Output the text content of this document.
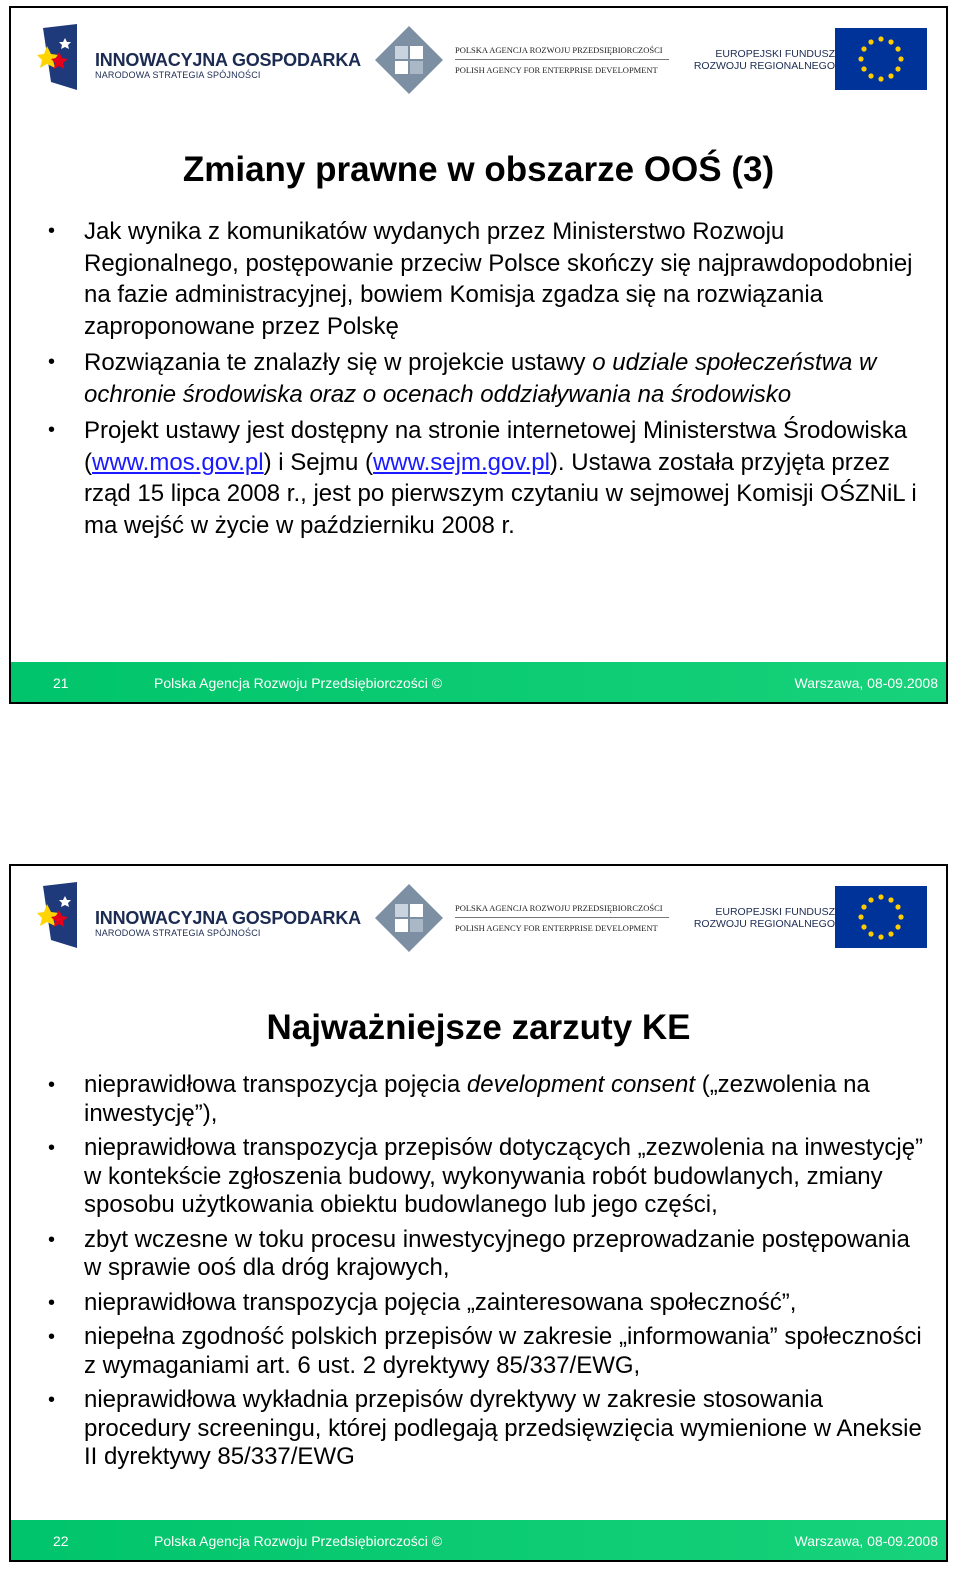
INNOWACYJNA GOSPODARKA
NARODOWA STRATEGIA SPÓJNOŚCI
POLSKA AGENCJA ROZWOJU PRZEDSIĘBIORCZOŚCI
POLISH AGENCY FOR ENTERPRISE DEVELOPMENT
EUROPEJSKI FUNDUSZ
ROZWOJU REGIONALNEGO
Zmiany prawne w obszarze OOŚ (3)
• Jak wynika z komunikatów wydanych przez Ministerstwo Rozwoju Regionalnego, postępowanie przeciw Polsce skończy się najprawdopodobniej na fazie administracyjnej, bowiem Komisja zgadza się na rozwiązania zaproponowane przez Polskę
• Rozwiązania te znalazły się w projekcie ustawy o udziale społeczeństwa w ochronie środowiska oraz o ocenach oddziaływania na środowisko
• Projekt ustawy jest dostępny na stronie internetowej Ministerstwa Środowiska (www.mos.gov.pl) i Sejmu (www.sejm.gov.pl). Ustawa została przyjęta przez rząd 15 lipca 2008 r., jest po pierwszym czytaniu w sejmowej Komisji OŚZNiL i ma wejść w życie w październiku 2008 r.
21	Polska Agencja Rozwoju Przedsiębiorczości ©	Warszawa, 08-09.2008
INNOWACYJNA GOSPODARKA
NARODOWA STRATEGIA SPÓJNOŚCI
POLSKA AGENCJA ROZWOJU PRZEDSIĘBIORCZOŚCI
POLISH AGENCY FOR ENTERPRISE DEVELOPMENT
EUROPEJSKI FUNDUSZ
ROZWOJU REGIONALNEGO
Najważniejsze zarzuty KE
• nieprawidłowa transpozycja pojęcia development consent („zezwolenia na inwestycję”),
• nieprawidłowa transpozycja przepisów dotyczących „zezwolenia na inwestycję” w kontekście zgłoszenia budowy, wykonywania robót budowlanych, zmiany sposobu użytkowania obiektu budowlanego lub jego części,
• zbyt wczesne w toku procesu inwestycyjnego przeprowadzanie postępowania w sprawie ooś dla dróg krajowych,
• nieprawidłowa transpozycja pojęcia „zainteresowana społeczność”,
• niepełna zgodność polskich przepisów w zakresie „informowania” społeczności z wymaganiami art. 6 ust. 2 dyrektywy 85/337/EWG,
• nieprawidłowa wykładnia przepisów dyrektywy w zakresie stosowania procedury screeningu, której podlegają przedsięwzięcia wymienione w Aneksie II dyrektywy 85/337/EWG
22	Polska Agencja Rozwoju Przedsiębiorczości ©	Warszawa, 08-09.2008
